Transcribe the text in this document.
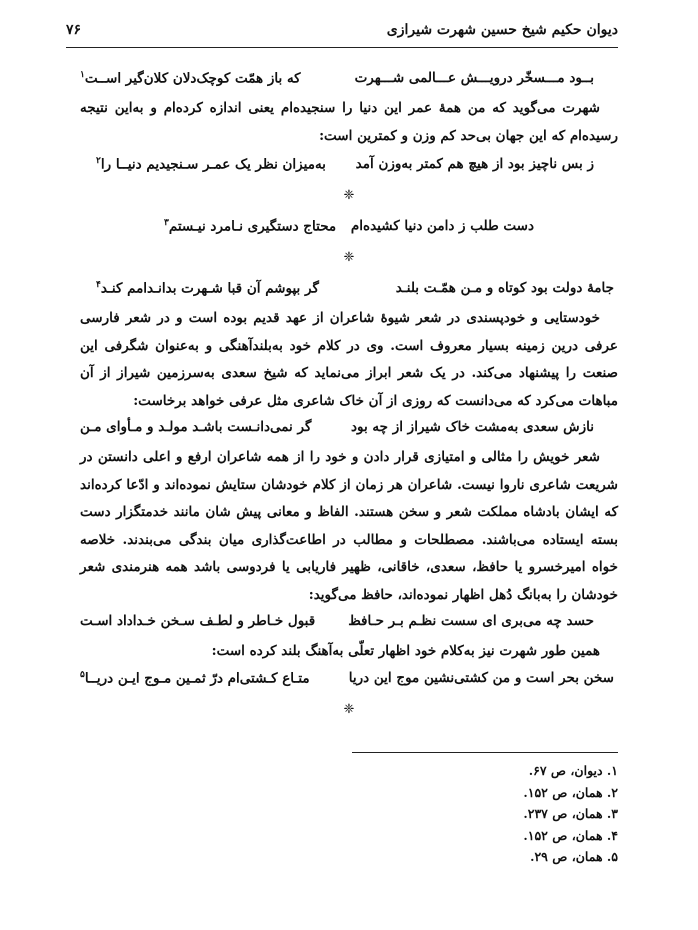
دیوان حکیم شیخ حسین شهرت شیرازی
۷۶
بــود مـــسخّر درویـــش عـــالمی شـــهرت
که باز همّت کوچک‌دلان کلان‌گیر اســت$^۱$

شهرت می‌گوید که من همهٔ عمر این دنیا را سنجیده‌ام یعنی اندازه کرده‌ام و به‌این نتیجه رسیده‌ام که این جهان بی‌حد کم وزن و کمترین است:

ز بس ناچیز بود از هیچ هم کمتر به‌وزن آمد
به‌میزان نظر یک عمـر سـنجیدیم دنیــا را$^۲$
❈
دست طلب ز دامن دنیا کشیده‌ام
محتاج دستگیری نـامرد نیـستم$^۳$
❈
جامهٔ دولت بود کوتاه و مـن همّـت بلنـد
گر بپوشم آن قبا شـهرت بدانـدامم کنـد$^۴$

خودستایی و خودپسندی در شعر شیوهٔ شاعران از عهد قدیم بوده است و در شعر فارسی عرفی درین زمینه بسیار معروف است. وی در کلام خود به‌بلندآهنگی و به‌عنوان شگرفی این صنعت را پیشنهاد می‌کند. در یک شعر ابراز می‌نماید که شیخ سعدی به‌سرزمین شیراز از آن مباهات می‌کرد که می‌دانست که روزی از آن خاک شاعری مثل عرفی خواهد برخاست:

نازش سعدی به‌مشت خاک شیراز از چه بود
گر نمی‌دانـست باشـد مولـد و مـأوای مـن

شعر خویش را مثالی و امتیازی قرار دادن و خود را از همه شاعران ارفع و اعلی دانستن در شریعت شاعری ناروا نیست. شاعران هر زمان از کلام خودشان ستایش نموده‌اند و ادّعا کرده‌اند که ایشان بادشاه مملکت شعر و سخن هستند. الفاظ و معانی پیش شان مانند خدمتگزار دست بسته ایستاده می‌باشند. مصطلحات و مطالب در اطاعت‌گذاری میان بندگی می‌بندند. خلاصه خواه امیرخسرو یا حافظ، سعدی، خاقانی، ظهیر فاریابی یا فردوسی باشد همه هنرمندی شعر خودشان را به‌بانگ دُهل اظهار نموده‌اند، حافظ می‌گوید:

حسد چه می‌بری ای سست نظـم بـر حـافظ
قبول خـاطر و لطـف سـخن خـداداد اسـت

همین طور شهرت نیز به‌کلام خود اظهار تعلّی به‌آهنگ بلند کرده است:

سخن بحر است و من کشتی‌نشین موج این دریا
متـاع کـشتی‌ام درّ ثمـین مـوج ایـن دریــا$^۵$
❈
۱. دیوان، ص ۶۷.
۲. همان، ص ۱۵۲.
۳. همان، ص ۲۳۷.
۴. همان، ص ۱۵۲.
۵. همان، ص ۲۹.
